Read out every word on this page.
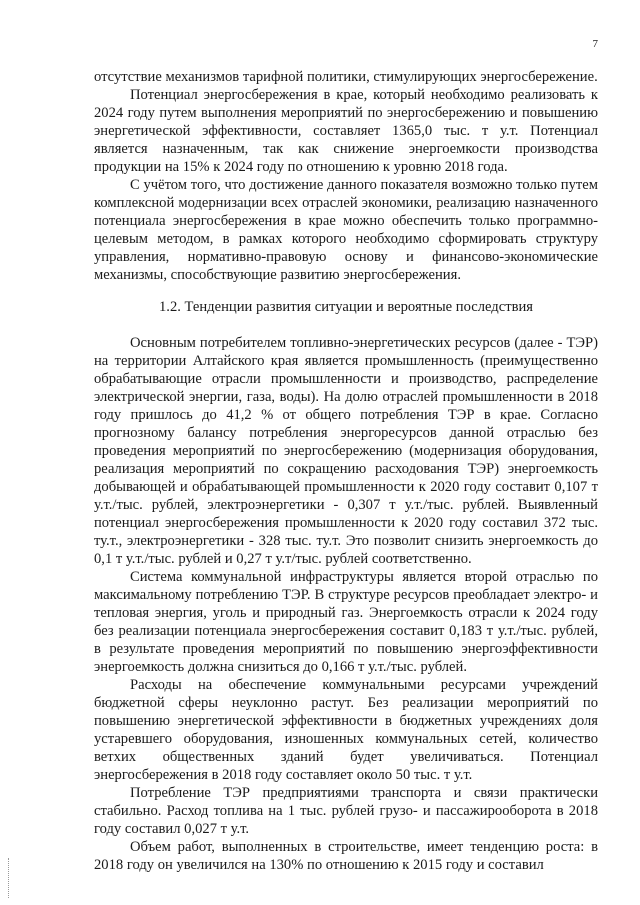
7

отсутствие механизмов тарифной политики, стимулирующих энергосбережение.

Потенциал энергосбережения в крае, который необходимо реализовать к 2024 году путем выполнения мероприятий по энергосбережению и повышению энергетической эффективности, составляет 1365,0 тыс. т у.т. Потенциал является назначенным, так как снижение энергоемкости производства продукции на 15% к 2024 году по отношению к уровню 2018 года.

С учётом того, что достижение данного показателя возможно только путем комплексной модернизации всех отраслей экономики, реализацию назначенного потенциала энергосбережения в крае можно обеспечить только программно-целевым методом, в рамках которого необходимо сформировать структуру управления, нормативно-правовую основу и финансово-экономические механизмы, способствующие развитию энергосбережения.

1.2. Тенденции развития ситуации и вероятные последствия

Основным потребителем топливно-энергетических ресурсов (далее - ТЭР) на территории Алтайского края является промышленность (преимущественно обрабатывающие отрасли промышленности и производство, распределение электрической энергии, газа, воды). На долю отраслей промышленности в 2018 году пришлось до 41,2 % от общего потребления ТЭР в крае. Согласно прогнозному балансу потребления энергоресурсов данной отраслью без проведения мероприятий по энергосбережению (модернизация оборудования, реализация мероприятий по сокращению расходования ТЭР) энергоемкость добывающей и обрабатывающей промышленности к 2020 году составит 0,107 т у.т./тыс. рублей, электроэнергетики - 0,307 т у.т./тыс. рублей. Выявленный потенциал энергосбережения промышленности к 2020 году составил 372 тыс. ту.т., электроэнергетики - 328 тыс. ту.т. Это позволит снизить энергоемкость до 0,1 т у.т./тыс. рублей и 0,27 т у.т/тыс. рублей соответственно.

Система коммунальной инфраструктуры является второй отраслью по максимальному потреблению ТЭР. В структуре ресурсов преобладает электро- и тепловая энергия, уголь и природный газ. Энергоемкость отрасли к 2024 году без реализации потенциала энергосбережения составит 0,183 т у.т./тыс. рублей, в результате проведения мероприятий по повышению энергоэффективности энергоемкость должна снизиться до 0,166 т у.т./тыс. рублей.

Расходы на обеспечение коммунальными ресурсами учреждений бюджетной сферы неуклонно растут. Без реализации мероприятий по повышению энергетической эффективности в бюджетных учреждениях доля устаревшего оборудования, изношенных коммунальных сетей, количество ветхих общественных зданий будет увеличиваться. Потенциал энергосбережения в 2018 году составляет около 50 тыс. т у.т.

Потребление ТЭР предприятиями транспорта и связи практически стабильно. Расход топлива на 1 тыс. рублей грузо- и пассажирооборота в 2018 году составил 0,027 т у.т.

Объем работ, выполненных в строительстве, имеет тенденцию роста: в 2018 году он увеличился на 130% по отношению к 2015 году и составил
